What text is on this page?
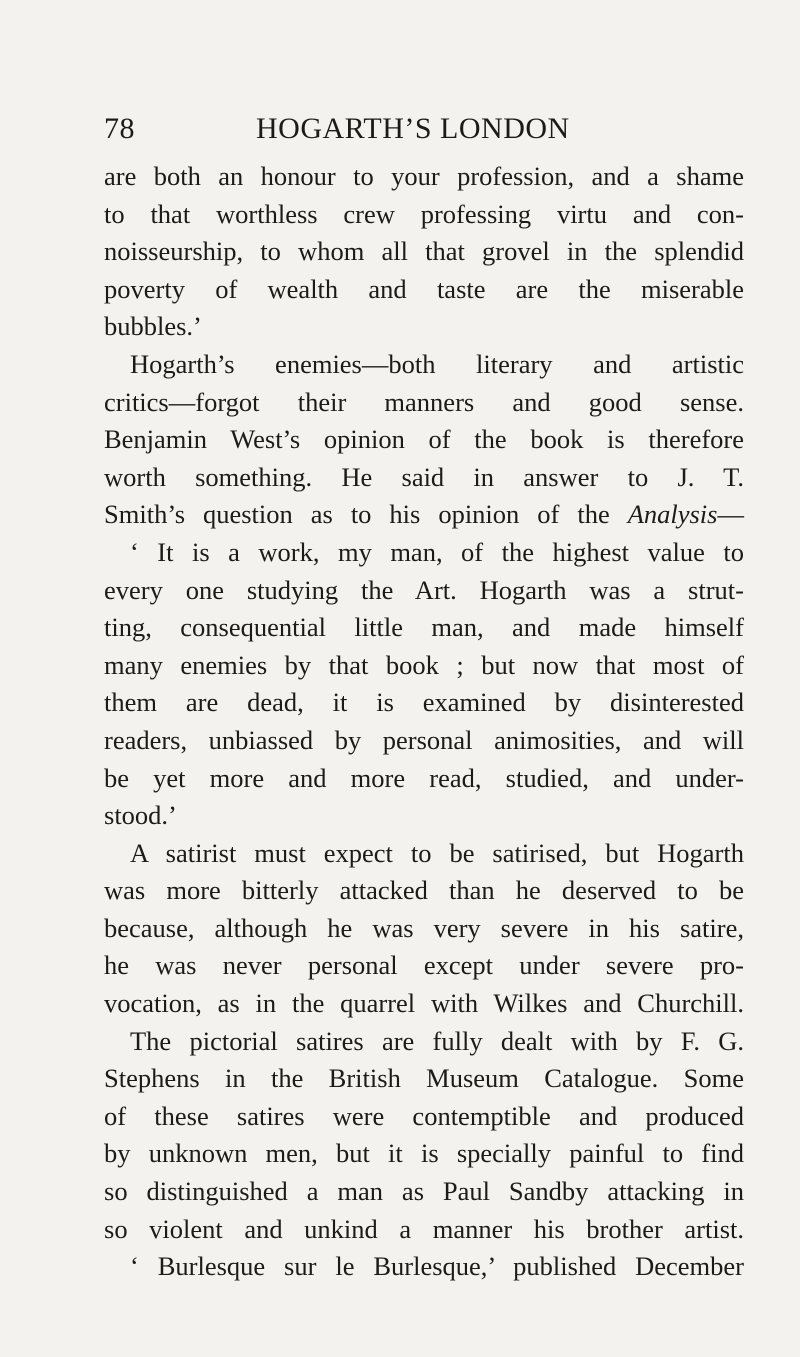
78	HOGARTH’S LONDON
are both an honour to your profession, and a shame
to that worthless crew professing virtu and con-
noisseurship, to whom all that grovel in the splendid
poverty of wealth and taste are the miserable
bubbles.’
Hogarth’s enemies—both literary and artistic
critics—forgot their manners and good sense.
Benjamin West’s opinion of the book is therefore
worth something. He said in answer to J. T.
Smith’s question as to his opinion of the Analysis—
‘ It is a work, my man, of the highest value to
every one studying the Art. Hogarth was a strut-
ting, consequential little man, and made himself
many enemies by that book ; but now that most of
them are dead, it is examined by disinterested
readers, unbiassed by personal animosities, and will
be yet more and more read, studied, and under-
stood.’
A satirist must expect to be satirised, but Hogarth
was more bitterly attacked than he deserved to be
because, although he was very severe in his satire,
he was never personal except under severe pro-
vocation, as in the quarrel with Wilkes and Churchill.
The pictorial satires are fully dealt with by F. G.
Stephens in the British Museum Catalogue. Some
of these satires were contemptible and produced
by unknown men, but it is specially painful to find
so distinguished a man as Paul Sandby attacking in
so violent and unkind a manner his brother artist.
‘ Burlesque sur le Burlesque,’ published December
